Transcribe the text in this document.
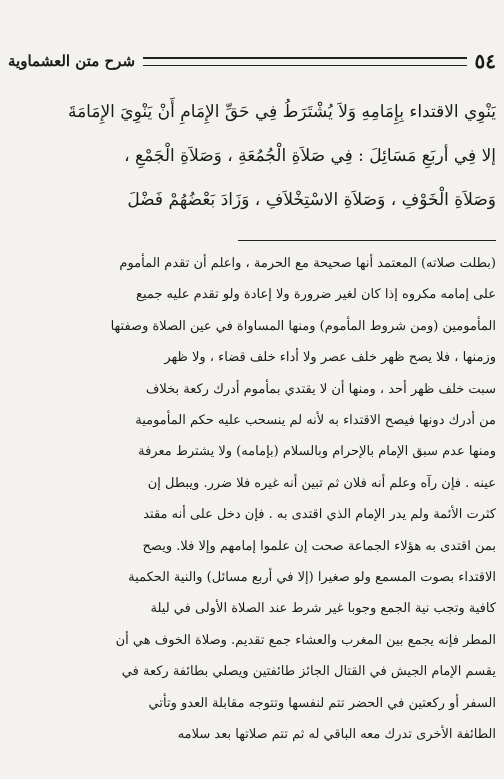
٥٤
شرح متن العشماوية
يَنْوِي الاقتداء بِإِمَامِهِ وَلاَ يُشْتَرَطُ فِي حَقِّ الإِمَامِ أَنْ يَنْوِيَ الإِمَامَةَ
إلا فِي أربَعِ مَسَائِلَ : فِي صَلاَةِ الْجُمُعَةِ ، وَصَلاَةِ الْجَمْعِ ،
وَصَلاَةِ الْخَوْفِ ، وَصَلاَةِ الاسْتِخْلاَفِ ، وَزَادَ بَعْضُهُمْ فَضْلَ
(بطلت صلاته) المعتمد أنها صحيحة مع الحرمة ، واعلم أن تقدم المأموم
على إمامه مكروه إذا كان لغير ضرورة ولا إعادة ولو تقدم عليه جميع
المأمومين (ومن شروط المأموم) ومنها المساواة في عين الصلاة وصفتها
وزمنها ، فلا يصح ظهر خلف عصر ولا أداء خلف قضاء ، ولا ظهر
سبت خلف ظهر أحد ، ومنها أن لا يقتدي بمأموم أدرك ركعة بخلاف
من أدرك دونها فيصح الاقتداء به لأنه لم ينسحب عليه حكم المأمومية
ومنها عدم سبق الإمام بالإحرام وبالسلام (بإمامه) ولا يشترط معرفة
عينه . فإن رآه وعلم أنه فلان ثم تبين أنه غيره فلا ضرر. ويبطل إن
كثرت الأئمة ولم يدر الإمام الذي اقتدى به . فإن دخل على أنه مقتد
بمن اقتدى به هؤلاء الجماعة صحت إن علموا إمامهم وإلا فلا. ويصح
الاقتداء بصوت المسمع ولو صغيرا (إلا في أربع مسائل) والنية الحكمية
كافية وتجب نية الجمع وجوبا غير شرط عند الصلاة الأولى في ليلة
المطر فإنه يجمع بين المغرب والعشاء جمع تقديم. وصلاة الخوف هي أن
يقسم الإمام الجيش في القتال الجائز طائفتين ويصلي بطائفة ركعة في
السفر أو ركعتين في الحضر تتم لنفسها وتتوجه مقابلة العدو وتأتي
الطائفة الأخرى تدرك معه الباقي له ثم تتم صلاتها بعد سلامه
